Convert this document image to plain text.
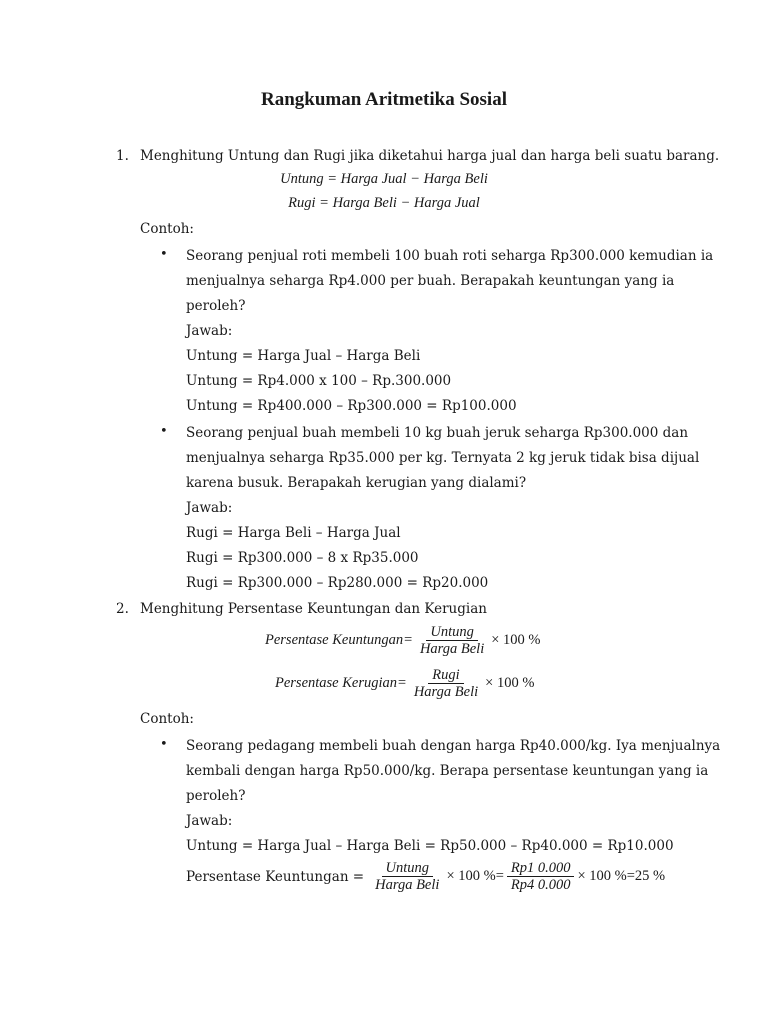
Rangkuman Aritmetika Sosial
1. Menghitung Untung dan Rugi jika diketahui harga jual dan harga beli suatu barang.
Untung = Harga Jual − Harga Beli
Rugi = Harga Beli − Harga Jual
Contoh:
• Seorang penjual roti membeli 100 buah roti seharga Rp300.000 kemudian ia
menjualnya seharga Rp4.000 per buah. Berapakah keuntungan yang ia
peroleh?
Jawab:
Untung = Harga Jual – Harga Beli
Untung = Rp4.000 x 100 – Rp.300.000
Untung = Rp400.000 – Rp300.000 = Rp100.000
• Seorang penjual buah membeli 10 kg buah jeruk seharga Rp300.000 dan
menjualnya seharga Rp35.000 per kg. Ternyata 2 kg jeruk tidak bisa dijual
karena busuk. Berapakah kerugian yang dialami?
Jawab:
Rugi = Harga Beli – Harga Jual
Rugi = Rp300.000 – 8 x Rp35.000
Rugi = Rp300.000 – Rp280.000 = Rp20.000
2. Menghitung Persentase Keuntungan dan Kerugian
Persentase Keuntungan = $\frac{\text{Untung}}{\text{Harga Beli}} \times 100$ %
Persentase Kerugian = $\frac{\text{Rugi}}{\text{Harga Beli}} \times 100$ %
Contoh:
• Seorang pedagang membeli buah dengan harga Rp40.000/kg. Iya menjualnya
kembali dengan harga Rp50.000/kg. Berapa persentase keuntungan yang ia
peroleh?
Jawab:
Untung = Harga Jual – Harga Beli = Rp50.000 – Rp40.000 = Rp10.000
Persentase Keuntungan = $\frac{\text{Untung}}{\text{Harga Beli}} \times 100$ %= $\frac{Rp1 0.000}{Rp4 0.000} \times 100$ %=25 %
